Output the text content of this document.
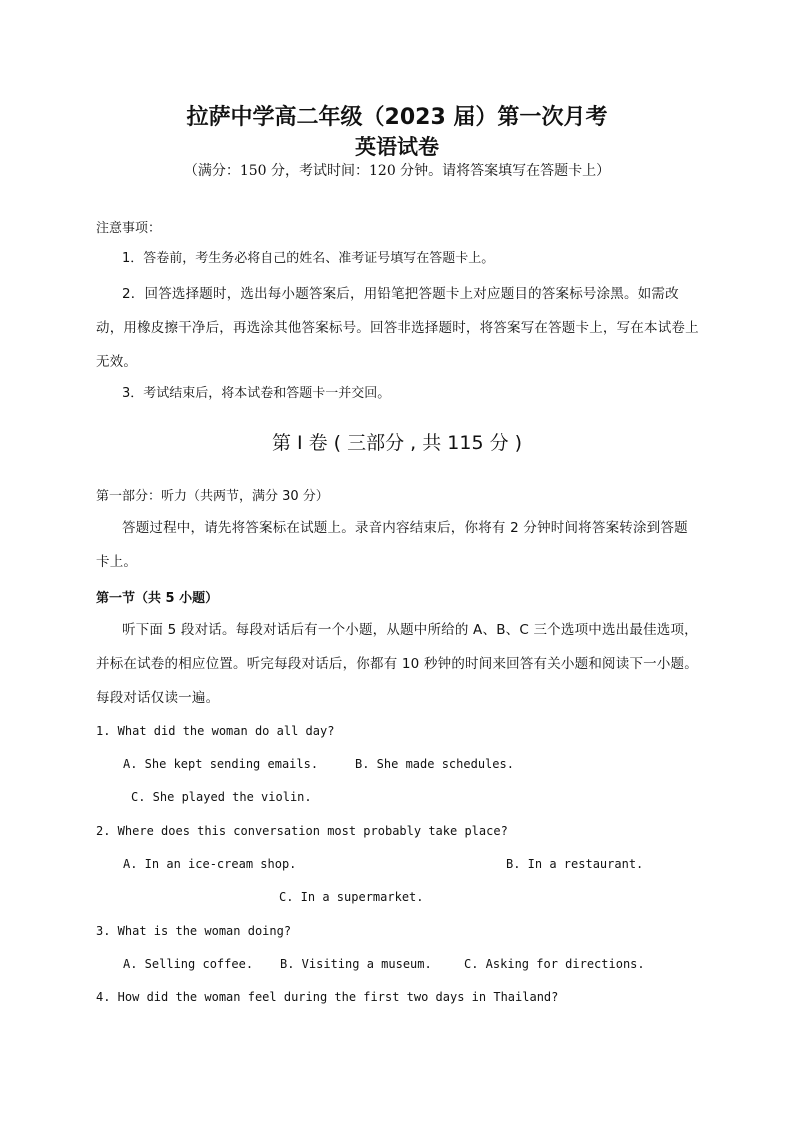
拉萨中学高二年级（2023 届）第一次月考
英语试卷
（满分：150 分，考试时间：120 分钟。请将答案填写在答题卡上）
注意事项：
1．答卷前，考生务必将自己的姓名、准考证号填写在答题卡上。
2．回答选择题时，选出每小题答案后，用铅笔把答题卡上对应题目的答案标号涂黑。如需改动，用橡皮擦干净后，再选涂其他答案标号。回答非选择题时，将答案写在答题卡上，写在本试卷上无效。
3．考试结束后，将本试卷和答题卡一并交回。
第 I 卷 ( 三部分 , 共 115 分 )
第一部分：听力（共两节，满分 30 分）
答题过程中，请先将答案标在试题上。录音内容结束后，你将有 2 分钟时间将答案转涂到答题卡上。
第一节（共 5 小题）
听下面 5 段对话。每段对话后有一个小题，从题中所给的 A、B、C 三个选项中选出最佳选项，并标在试卷的相应位置。听完每段对话后，你都有 10 秒钟的时间来回答有关小题和阅读下一小题。每段对话仅读一遍。
1. What did the woman do all day?
A. She kept sending emails.	B. She made schedules.
C. She played the violin.
2. Where does this conversation most probably take place?
A. In an ice-cream shop.	B. In a restaurant.
C. In a supermarket.
3. What is the woman doing?
A. Selling coffee. B. Visiting a museum.	C. Asking for directions.
4. How did the woman feel during the first two days in Thailand?
